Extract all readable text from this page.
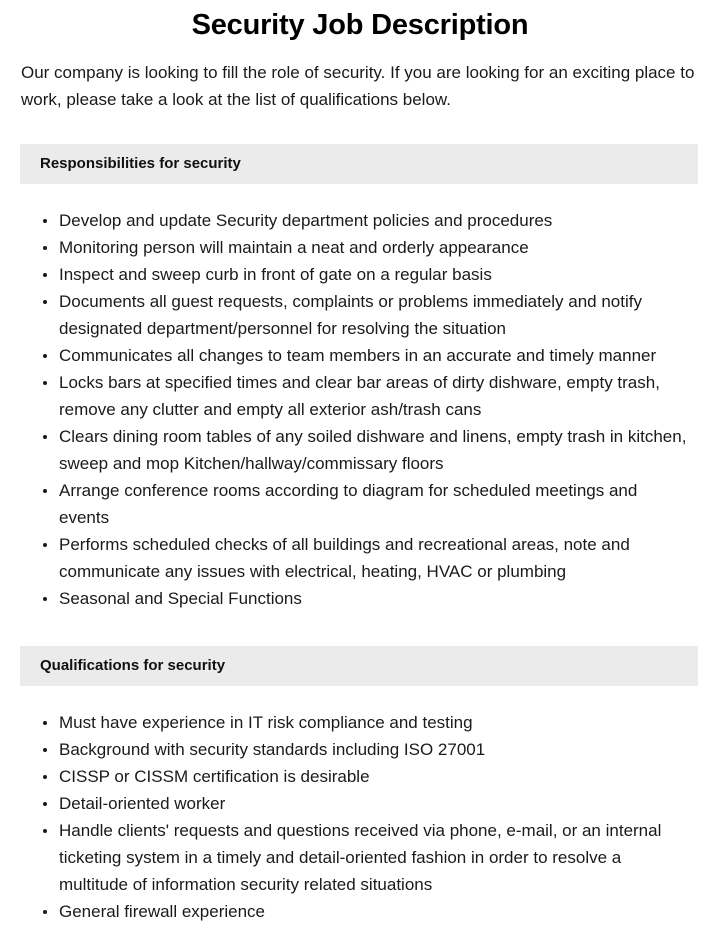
Security Job Description

Our company is looking to fill the role of security. If you are looking for an exciting place to work, please take a look at the list of qualifications below.

Responsibilities for security
Develop and update Security department policies and procedures
Monitoring person will maintain a neat and orderly appearance
Inspect and sweep curb in front of gate on a regular basis
Documents all guest requests, complaints or problems immediately and notify designated department/personnel for resolving the situation
Communicates all changes to team members in an accurate and timely manner
Locks bars at specified times and clear bar areas of dirty dishware, empty trash, remove any clutter and empty all exterior ash/trash cans
Clears dining room tables of any soiled dishware and linens, empty trash in kitchen, sweep and mop Kitchen/hallway/commissary floors
Arrange conference rooms according to diagram for scheduled meetings and events
Performs scheduled checks of all buildings and recreational areas, note and communicate any issues with electrical, heating, HVAC or plumbing
Seasonal and Special Functions
Qualifications for security
Must have experience in IT risk compliance and testing
Background with security standards including ISO 27001
CISSP or CISSM certification is desirable
Detail-oriented worker
Handle clients' requests and questions received via phone, e-mail, or an internal ticketing system in a timely and detail-oriented fashion in order to resolve a multitude of information security related situations
General firewall experience
